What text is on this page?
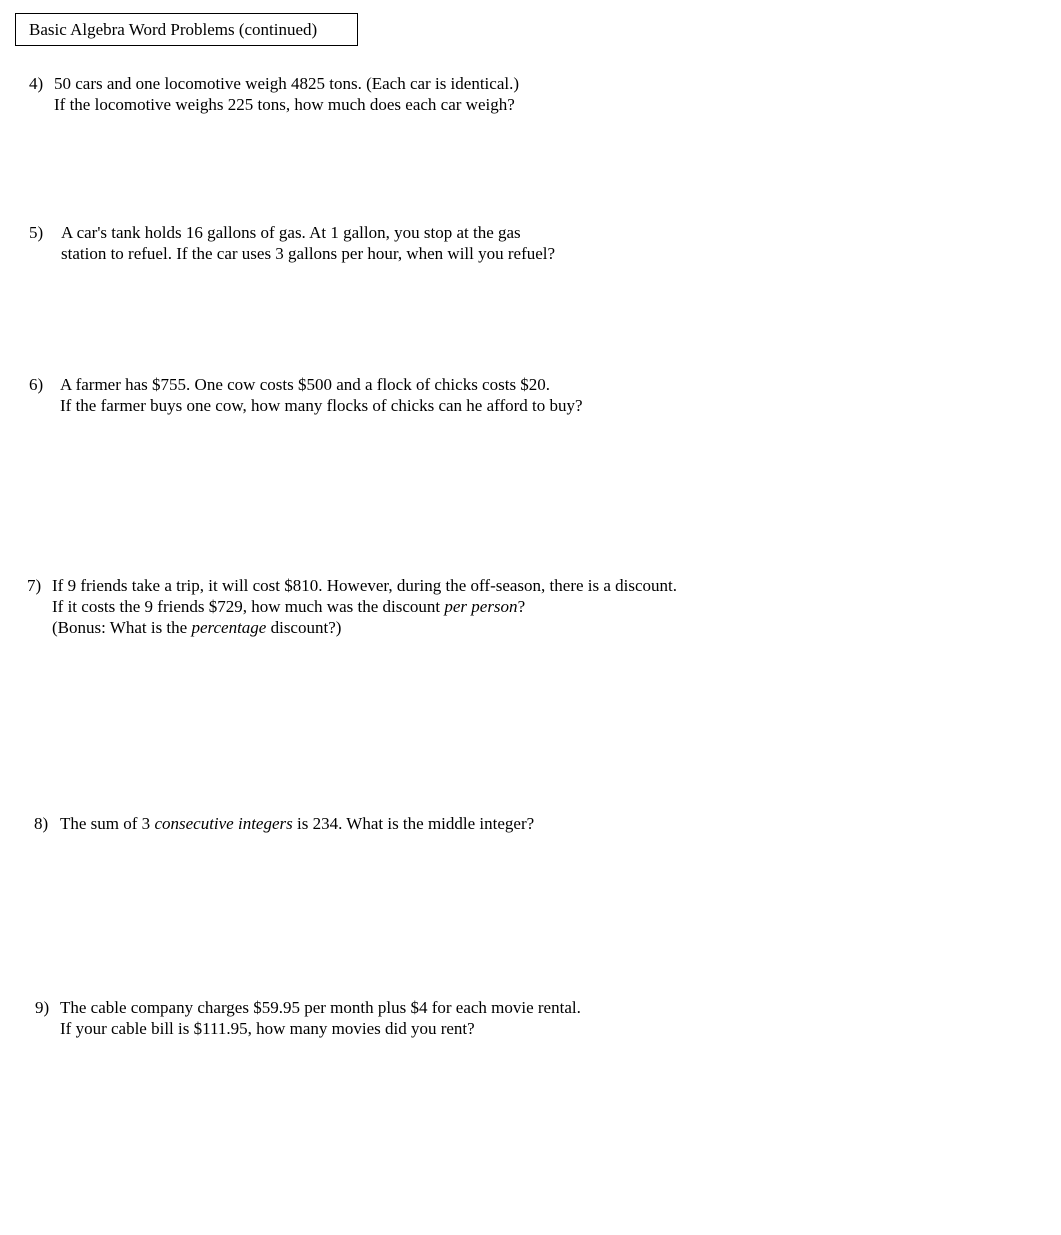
Basic Algebra Word Problems (continued)
4) 50 cars and one locomotive weigh 4825 tons. (Each car is identical.)
If the locomotive weighs 225 tons, how much does each car weigh?
5) A car's tank holds 16 gallons of gas. At 1 gallon, you stop at the gas
station to refuel. If the car uses 3 gallons per hour, when will you refuel?
6) A farmer has $755. One cow costs $500 and a flock of chicks costs $20.
If the farmer buys one cow, how many flocks of chicks can he afford to buy?
7) If 9 friends take a trip, it will cost $810. However, during the off-season, there is a discount.
If it costs the 9 friends $729, how much was the discount per person?
(Bonus: What is the percentage discount?)
8) The sum of 3 consecutive integers is 234. What is the middle integer?
9) The cable company charges $59.95 per month plus $4 for each movie rental.
If your cable bill is $111.95, how many movies did you rent?
